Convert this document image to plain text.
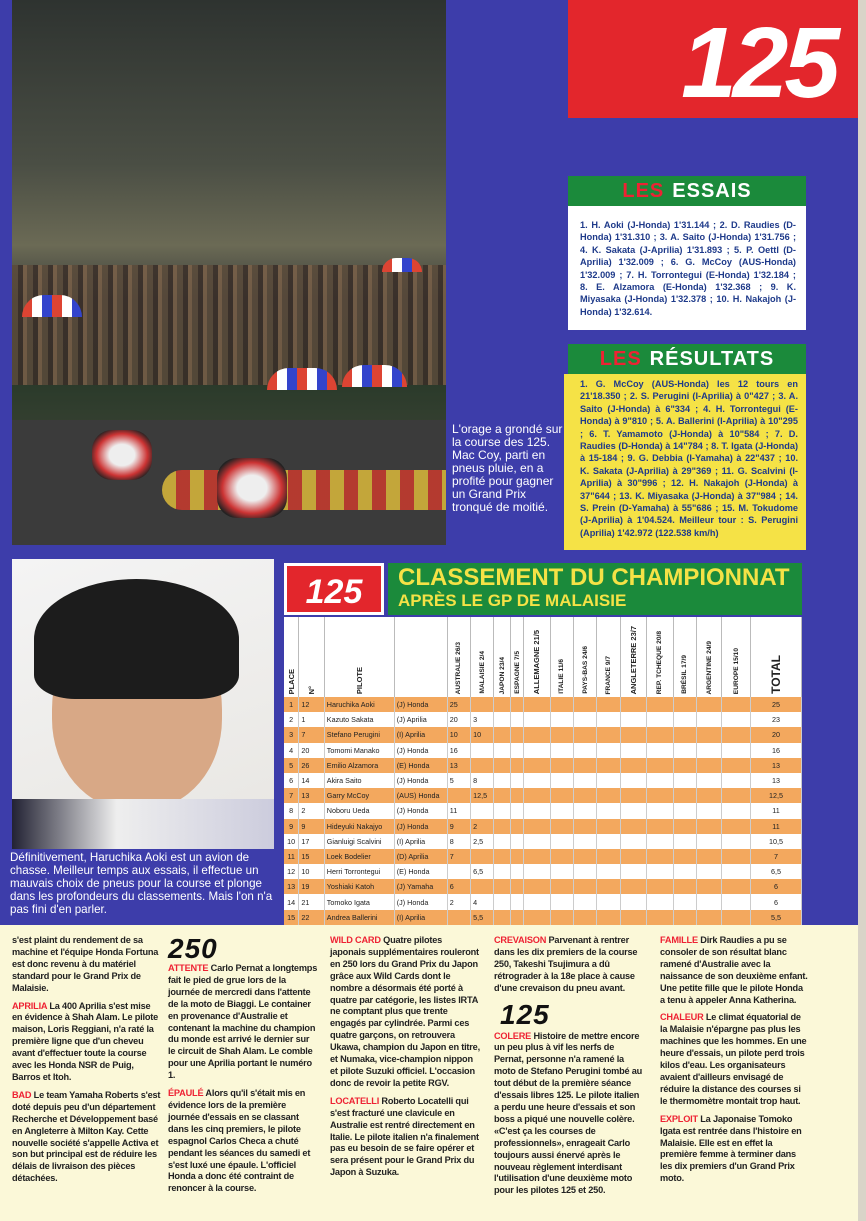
L'orage a grondé sur la course des 125. Mac Coy, parti en pneus pluie, en a profité pour gagner un Grand Prix tronqué de moitié.
125
LES ESSAIS
1. H. Aoki (J-Honda) 1'31.144 ; 2. D. Raudies (D-Honda) 1'31.310 ; 3. A. Saito (J-Honda) 1'31.756 ; 4. K. Sakata (J-Aprilia) 1'31.893 ; 5. P. Oettl (D-Aprilia) 1'32.009 ; 6. G. McCoy (AUS-Honda) 1'32.009 ; 7. H. Torrontegui (E-Honda) 1'32.184 ; 8. E. Alzamora (E-Honda) 1'32.368 ; 9. K. Miyasaka (J-Honda) 1'32.378 ; 10. H. Nakajoh (J-Honda) 1'32.614.
LES RÉSULTATS
1. G. McCoy (AUS-Honda) les 12 tours en 21'18.350 ; 2. S. Perugini (I-Aprilia) à 0"427 ; 3. A. Saito (J-Honda) à 6"334 ; 4. H. Torrontegui (E-Honda) à 9"810 ; 5. A. Ballerini (I-Aprilia) à 10"295 ; 6. T. Yamamoto (J-Honda) à 10"584 ; 7. D. Raudies (D-Honda) à 14"784 ; 8. T. Igata (J-Honda) à 15-184 ; 9. G. Debbia (I-Yamaha) à 22"437 ; 10. K. Sakata (J-Aprilia) à 29"369 ; 11. G. Scalvini (I-Aprilia) à 30"996 ; 12. H. Nakajoh (J-Honda) à 37"644 ; 13. K. Miyasaka (J-Honda) à 37"984 ; 14. S. Prein (D-Yamaha) à 55"686 ; 15. M. Tokudome (J-Aprilia) à 1'04.524. Meilleur tour : S. Perugini (Aprilia) 1'42.972 (122.538 km/h)
Définitivement, Haruchika Aoki est un avion de chasse. Meilleur temps aux essais, il effectue un mauvais choix de pneus pour la course et plonge dans les profondeurs du classements. Mais l'on n'a pas fini d'en parler.
125	CLASSEMENT DU CHAMPIONNAT
APRÈS LE GP DE MALAISIE
PLACE	N°	PILOTE		AUSTRALIE 26/3	MALAISIE 2/4	JAPON 23/4	ESPAGNE 7/5	ALLEMAGNE 21/5	ITALIE 11/6	PAYS-BAS 24/6	FRANCE 9/7	ANGLETERRE 23/7	REP. TCHEQUE 20/8	BRÉSIL 17/9	ARGENTINE 24/9	EUROPE 15/10	TOTAL

1	12	Haruchika Aoki	(J) Honda	25													25
2	1	Kazuto Sakata	(J) Aprilia	20	3												23
3	7	Stefano Perugini	(I) Aprilia	10	10												20
4	20	Tomomi Manako	(J) Honda	16													16
5	26	Emilio Alzamora	(E) Honda	13													13
6	14	Akira Saito	(J) Honda	5	8												13
7	13	Garry McCoy	(AUS) Honda		12,5												12,5
8	2	Noboru Ueda	(J) Honda	11													11
9	9	Hideyuki Nakajyo	(J) Honda	9	2												11
10	17	Gianluigi Scalvini	(I) Aprilia	8	2,5												10,5
11	15	Loek Bodelier	(D) Aprilia	7													7
12	10	Herri Torrontegui	(E) Honda		6,5												6,5
13	19	Yoshiaki Katoh	(J) Yamaha	6													6
14	21	Tomoko Igata	(J) Honda	2	4												6
15	22	Andrea Ballerini	(I) Aprilia		5,5												5,5

s'est plaint du rendement de sa machine et l'équipe Honda Fortuna est donc revenu à du matériel standard pour le Grand Prix de Malaisie.

APRILIA La 400 Aprilia s'est mise en évidence à Shah Alam. Le pilote maison, Loris Reggiani, n'a raté la première ligne que d'un cheveu avant d'effectuer toute la course avec les Honda NSR de Puig, Barros et Itoh.

BAD Le team Yamaha Roberts s'est doté depuis peu d'un département Recherche et Développement basé en Angleterre à Milton Kay. Cette nouvelle société s'appelle Activa et son but principal est de réduire les délais de livraison des pièces détachées.

250

ATTENTE Carlo Pernat a longtemps fait le pied de grue lors de la journée de mercredi dans l'attente de la moto de Biaggi. Le container en provenance d'Australie et contenant la machine du champion du monde est arrivé le dernier sur le circuit de Shah Alam. Le comble pour une Aprilia portant le numéro 1.

ÉPAULÉ Alors qu'il s'était mis en évidence lors de la première journée d'essais en se classant dans les cinq premiers, le pilote espagnol Carlos Checa a chuté pendant les séances du samedi et s'est luxé une épaule. L'officiel Honda a donc été contraint de renoncer à la course.

WILD CARD Quatre pilotes japonais supplémentaires rouleront en 250 lors du Grand Prix du Japon grâce aux Wild Cards dont le nombre a désormais été porté à quatre par catégorie, les listes IRTA ne comptant plus que trente engagés par cylindrée. Parmi ces quatre garçons, on retrouvera Ukawa, champion du Japon en titre, et Numaka, vice-champion nippon et pilote Suzuki officiel. L'occasion donc de revoir la petite RGV.

LOCATELLI Roberto Locatelli qui s'est fracturé une clavicule en Australie est rentré directement en Italie. Le pilote italien n'a finalement pas eu besoin de se faire opérer et sera présent pour le Grand Prix du Japon à Suzuka.

CREVAISON Parvenant à rentrer dans les dix premiers de la course 250, Takeshi Tsujimura a dû rétrograder à la 18e place à cause d'une crevaison du pneu avant.

125

COLERE Histoire de mettre encore un peu plus à vif les nerfs de Pernat, personne n'a ramené la moto de Stefano Perugini tombé au tout début de la première séance d'essais libres 125. Le pilote italien a perdu une heure d'essais et son boss a piqué une nouvelle colère. «C'est ça les courses de professionnels», enrageait Carlo toujours aussi énervé après le nouveau règlement interdisant l'utilisation d'une deuxième moto pour les pilotes 125 et 250.

FAMILLE Dirk Raudies a pu se consoler de son résultat blanc ramené d'Australie avec la naissance de son deuxième enfant. Une petite fille que le pilote Honda a tenu à appeler Anna Katherina.

CHALEUR Le climat équatorial de la Malaisie n'épargne pas plus les machines que les hommes. En une heure d'essais, un pilote perd trois kilos d'eau. Les organisateurs avaient d'ailleurs envisagé de réduire la distance des courses si le thermomètre montait trop haut.

EXPLOIT La Japonaise Tomoko Igata est rentrée dans l'histoire en Malaisie. Elle est en effet la première femme à terminer dans les dix premiers d'un Grand Prix moto.
